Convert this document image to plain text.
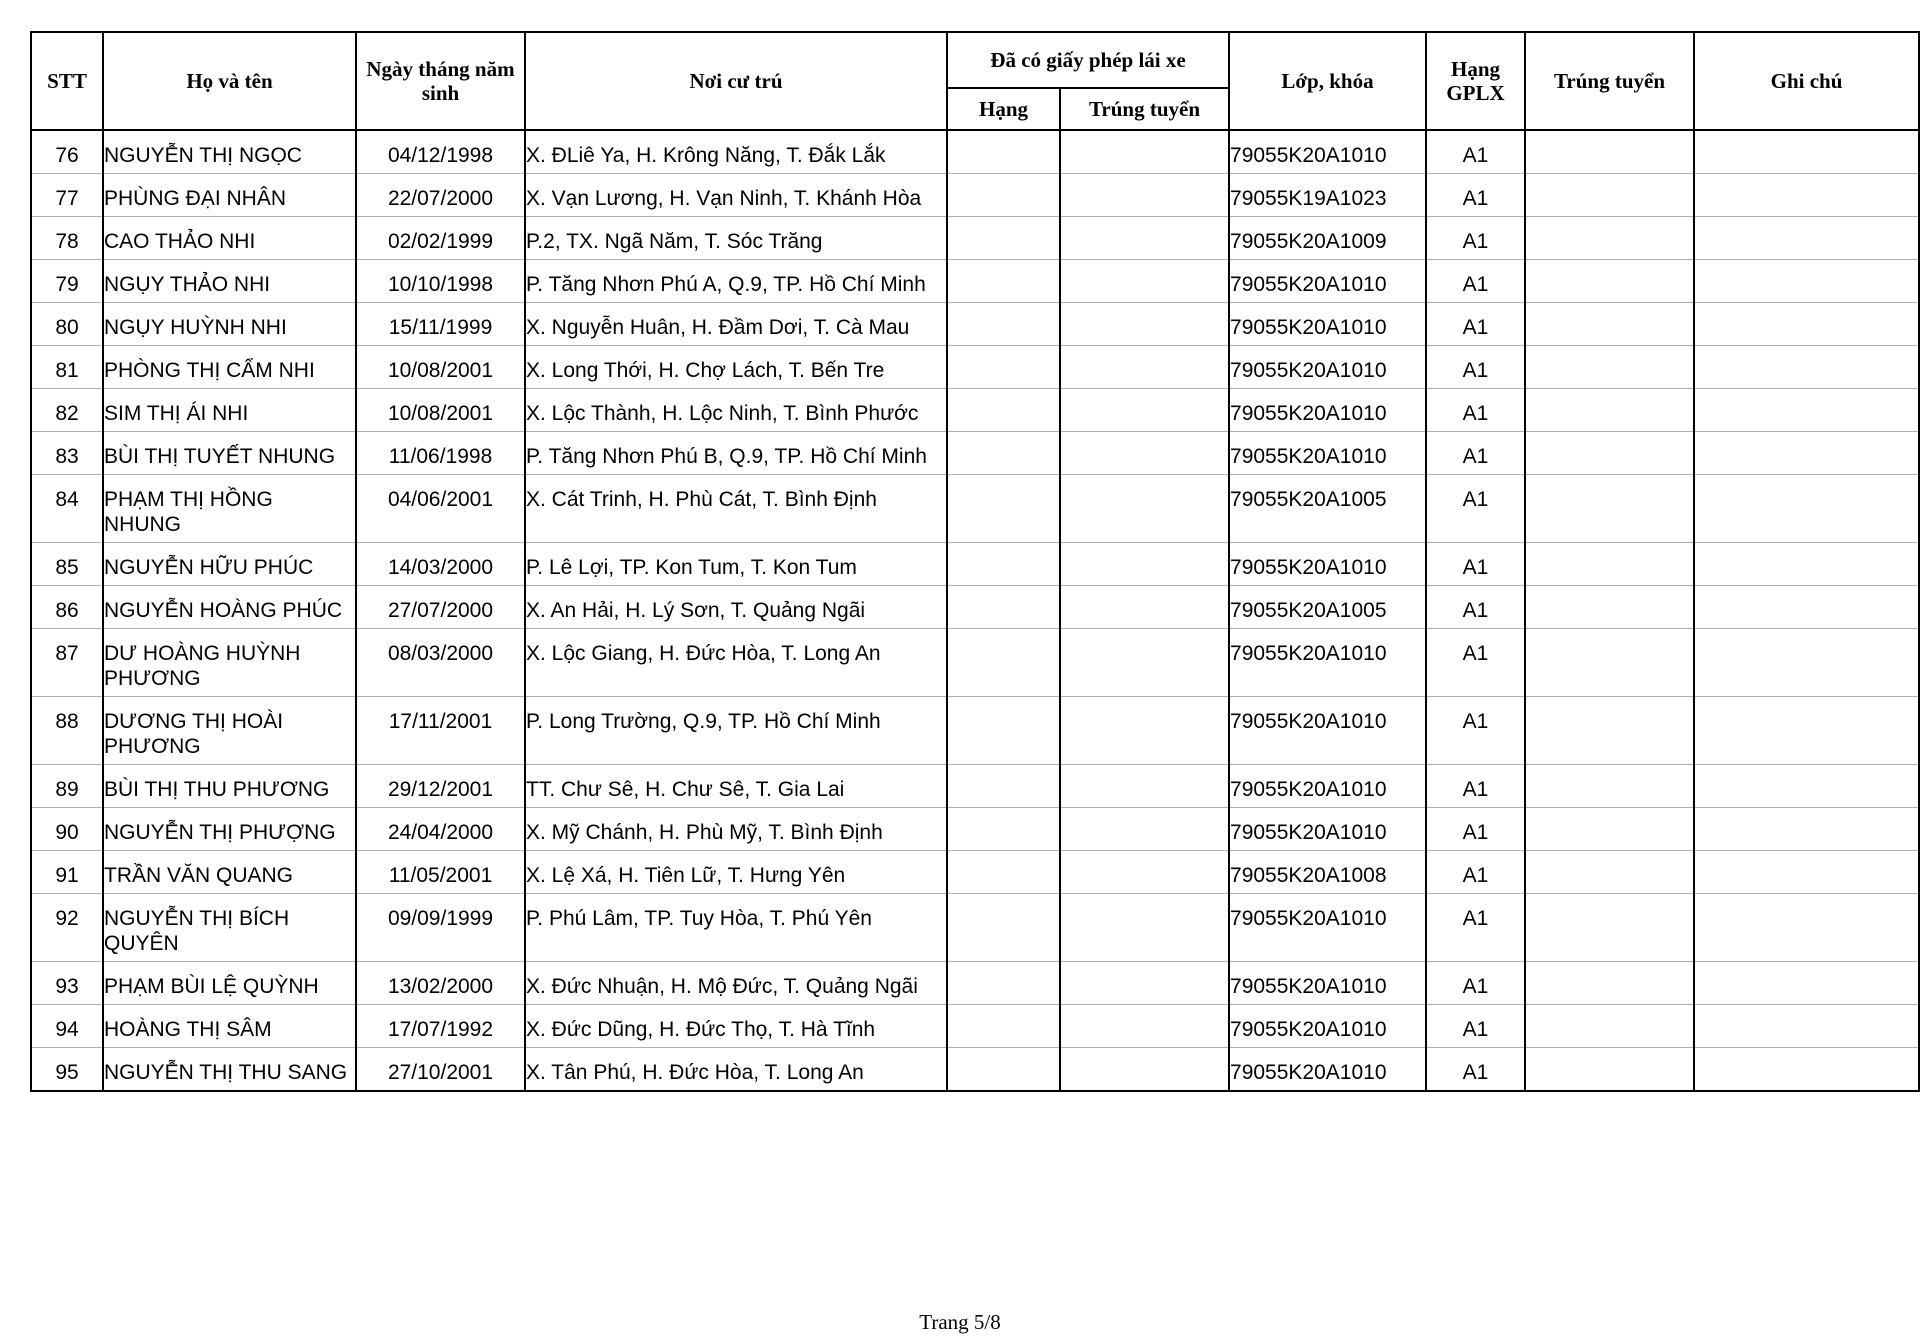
STT	Họ và tên	Ngày tháng năm sinh	Nơi cư trú	Đã có giấy phép lái xe		Lớp, khóa	Hạng GPLX	Trúng tuyển	Ghi chú
				Hạng	Trúng tuyển				
76	NGUYỄN THỊ NGỌC	04/12/1998	X. ĐLiê Ya, H. Krông Năng, T. Đắk Lắk			79055K20A1010	A1		
77	PHÙNG ĐẠI NHÂN	22/07/2000	X. Vạn Lương, H. Vạn Ninh, T. Khánh Hòa			79055K19A1023	A1		
78	CAO THẢO NHI	02/02/1999	P.2, TX. Ngã Năm, T. Sóc Trăng			79055K20A1009	A1		
79	NGỤY THẢO NHI	10/10/1998	P. Tăng Nhơn Phú A, Q.9, TP. Hồ Chí Minh			79055K20A1010	A1		
80	NGỤY HUỲNH NHI	15/11/1999	X. Nguyễn Huân, H. Đầm Dơi, T. Cà Mau			79055K20A1010	A1		
81	PHÒNG THỊ CẨM NHI	10/08/2001	X. Long Thới, H. Chợ Lách, T. Bến Tre			79055K20A1010	A1		
82	SIM THỊ ÁI NHI	10/08/2001	X. Lộc Thành, H. Lộc Ninh, T. Bình Phước			79055K20A1010	A1		
83	BÙI THỊ TUYẾT NHUNG	11/06/1998	P. Tăng Nhơn Phú B, Q.9, TP. Hồ Chí Minh			79055K20A1010	A1		
84	PHẠM THỊ HỒNG NHUNG	04/06/2001	X. Cát Trinh, H. Phù Cát, T. Bình Định			79055K20A1005	A1		
85	NGUYỄN HỮU PHÚC	14/03/2000	P. Lê Lợi, TP. Kon Tum, T. Kon Tum			79055K20A1010	A1		
86	NGUYỄN HOÀNG PHÚC	27/07/2000	X. An Hải, H. Lý Sơn, T. Quảng Ngãi			79055K20A1005	A1		
87	DƯ HOÀNG HUỲNH PHƯƠNG	08/03/2000	X. Lộc Giang, H. Đức Hòa, T. Long An			79055K20A1010	A1		
88	DƯƠNG THỊ HOÀI PHƯƠNG	17/11/2001	P. Long Trường, Q.9, TP. Hồ Chí Minh			79055K20A1010	A1		
89	BÙI THỊ THU PHƯƠNG	29/12/2001	TT. Chư Sê, H. Chư Sê, T. Gia Lai			79055K20A1010	A1		
90	NGUYỄN THỊ PHƯỢNG	24/04/2000	X. Mỹ Chánh, H. Phù Mỹ, T. Bình Định			79055K20A1010	A1		
91	TRẦN VĂN QUANG	11/05/2001	X. Lệ Xá, H. Tiên Lữ, T. Hưng Yên			79055K20A1008	A1		
92	NGUYỄN THỊ BÍCH QUYÊN	09/09/1999	P. Phú Lâm, TP. Tuy Hòa, T. Phú Yên			79055K20A1010	A1		
93	PHẠM BÙI LỆ QUỲNH	13/02/2000	X. Đức Nhuận, H. Mộ Đức, T. Quảng Ngãi			79055K20A1010	A1		
94	HOÀNG THỊ SÂM	17/07/1992	X. Đức Dũng, H. Đức Thọ, T. Hà Tĩnh			79055K20A1010	A1		
95	NGUYỄN THỊ THU SANG	27/10/2001	X. Tân Phú, H. Đức Hòa, T. Long An			79055K20A1010	A1		
Trang 5/8
